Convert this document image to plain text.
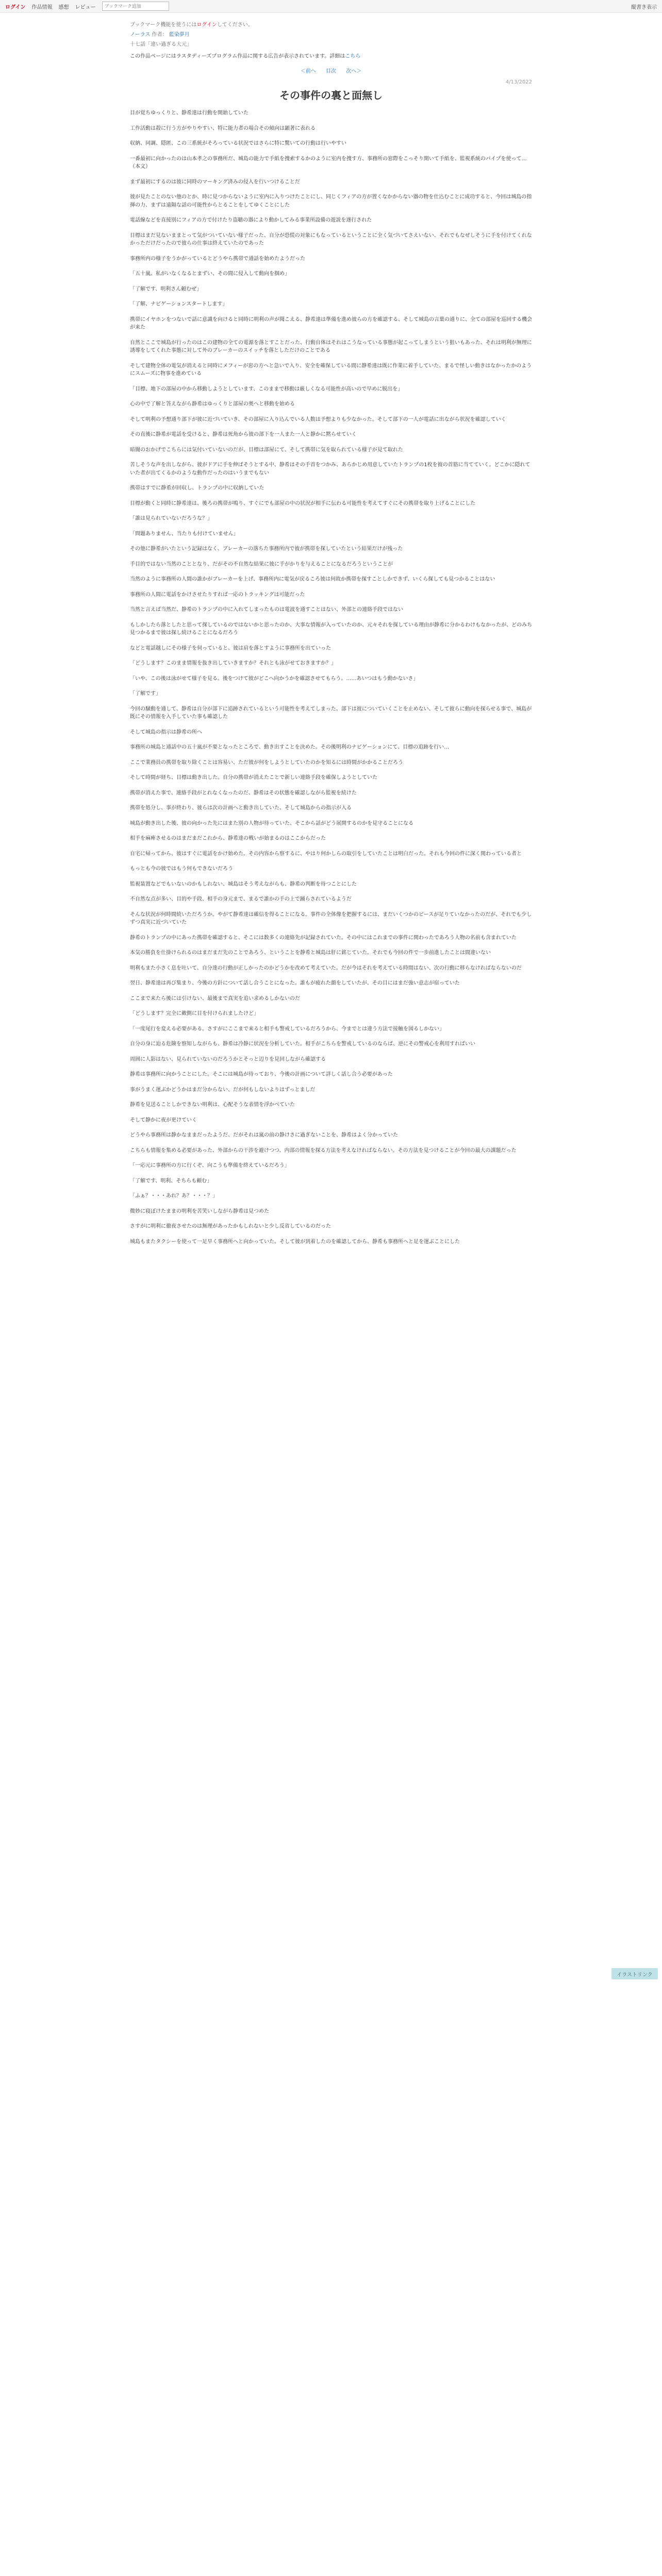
ログイン 作品情報 感想 レビュー
ブックマーク追加	縦書き表示
ブックマーク機能を使うにはログインしてください。
ノーラス 作者： 藍染夢月
十七話「違い過ぎる大元」
この作品ページにはラスタディーズプログラム作品に関する広告が表示されています。詳細はこちら
＜前へ 目次 次へ＞
4/13/2022
その事件の裏と面無し

目が覚ちゆっくりと、静希達は行動を開始していた

工作活動は殺に行う方がやりやすい、特に能力者の場合その傾向は顕著に表れる

収納、同調、隠匿、この三系統がそろっている状況ではさらに特に驚いての行動は行いやすい

一番最初に向かったのは山本孝之の事務所だ、城島の能力で手紙を捜索するかのように室内を捜す方、事務所の窓際をこっそり開いて手紙を、監視系統のパイプを使って…（本文）

まず最初にするのは彼に同時のマーキング済みの侵入を行いつけることだ

彼が見たことのない他のとか、時に見つからないように室内に入りつけたことにし、同じくフィアの方が置くなかからない器の物を仕込むことに成功すると、今回は城島の指揮の力、まずは遠隔な話の可能性からとることをしてゆくことにした

電話線などを直接別にフィアの方で付けたり盗聴の器により動かしてみる事業所設備の遊説を遂行された

目標はまだ見ないままとって気がついていない様子だった、自分が恐慌の対象にもなっているということに全く気づいてさえいない、それでもなぜしそうに手を付けてくれなかっただけだったので彼らの仕事は終えていたのであった

事務所内の様子をうかがっているとどうやら携帯で通話を始めたようだった

「五十嵐、私がいなくなるとまずい、その間に侵入して動向を掴め」

「了解です、明利さん頼むぜ」

「了解、ナビゲーションスタートします」

携帯にイヤホンをつないで話に意識を向けると同時に明利の声が聞こえる、静希達は準備を進め彼らの方を確認する、そして城島の言葉の通りに、全ての部屋を巡回する機会が来た

自然とここで城島が行ったのはこの建物の全ての電源を落とすことだった、行動自体はそれはこうなっている事態が起こってしまうという狙いもあった、それは明利が無理に誘導をしてくれた事態に対して外のブレーカーのスイッチを落としただけのことである

そして建物全体の電気が消えると同時にメフィーが窓の方へと急いで入り、安全を確保している間に静希達は既に作業に着手していた、まるで怪しい動きはなかったかのようにスムーズに物事を進めている

「目標、地下の部屋の中から移動しようとしています、このままで移動は厳しくなる可能性が高いので早めに脱出を」

心の中で了解と答えながら静希はゆっくりと部屋の奥へと移動を始める

そして明利の予想通り部下が彼に近づいていき、その部屋に入り込んでいる人数は予想よりも少なかった。そして部下の一人が電話に出ながら状況を確認していく

その直後に静希が電話を受けると、静希は死角から彼の部下を一人また一人と静かに黙らせていく

暗闇のおかげでこちらには気付いていないのだが、目標は部屋にて、そして携帯に気を取られている様子が見て取れた

苦しそうな声を出しながら、彼がドアに手を伸ばそうとする中、静希はその手首をつかみ、あらかじめ用意していたトランプの1枚を彼の首筋に当てていく。どこかに隠れていた者が出てくるかのような動作だったのはいうまでもない

携帯はすでに静希が回収し、トランプの中に収納していた

目標が動くと同時に静希達は、後ろの携帯が鳴り、すぐにでも部屋の中の状況が相手に伝わる可能性を考えてすぐにその携帯を取り上げることにした

「誰は見られていないだろうな？」

「問題ありません、当たりも付けていません」

その他に静希がいたという記録はなく、ブレーカーの落ちた事務所内で彼が携帯を探していたという結果だけが残った

手目的ではない当然のこととなり、だがその不自然な結果に彼に手がかりを与えることになるだろうということが

当然のように事務所の人間の誰かがブレーカーを上げ、事務所内に電気が戻るころ彼は何故か携帯を探すことしかできず、いくら探しても見つかることはない

事務所の人間に電話をかけさせたりすれば一応のトラッキングは可能だった

当然と言えば当然だ、静希のトランプの中に入れてしまったものは電波を通すことはない、外部との連絡手段ではない

もしかしたら落としたと思って探しているのではないかと思ったのか、大事な情報が入っていたのか、元々それを探している理由が静希に分かるわけもなかったが、どのみち見つかるまで彼は探し続けることになるだろう

などと電話越しにその様子を伺っていると、彼は肩を落とすように事務所を出ていった

「どうします？このまま情報を抜き出していきますか？それとも泳がせておきますか？」

「いや、この後は泳がせて様子を見る。後をつけて彼がどこへ向かうかを確認させてもらう。……あいつはもう動かないさ」

「了解です」

今回の騒動を通して、静希は自分が部下に追跡されているという可能性を考えてしまった。部下は彼についていくことを止めない、そして彼らに動向を探らせる事で、城島が既にその情報を入手していた事も確認した

そして城島の指示は静希の所へ

事務所の城島と通話中の五十嵐が不要となったところで、動き出すことを決めた。その後明利のナビゲーションにて、目標の追跡を行い…

ここで業務員の携帯を取り除くことは容易い、ただ彼が何をしようとしていたのかを知るには時間がかかることだろう

そして時間が経ち、目標は動き出した。自分の携帯が消えたことで新しい連絡手段を確保しようとしていた

携帯が消えた事で、連絡手段がとれなくなったのだ、静希はその状態を確認しながら監視を続けた

携帯を処分し、事が終わり、彼らは次の計画へと動き出していた、そして城島からの指示が入る

城島が動き出した後、彼の向かった先にはまた別の人物が待っていた、そこから話がどう展開するのかを見守ることになる

相手を麻痺させるのはまだまだこれから、静希達の戦いが始まるのはここからだった

自宅に帰ってから、彼はすぐに電話をかけ始めた。その内容から察するに、やはり何かしらの取引をしていたことは明白だった。それも今回の件に深く関わっている者と

もっとも今の彼ではもう何もできないだろう

監視装置などでもいないのかもしれない、城島はそう考えながらも、静希の判断を待つことにした

不自然な点が多い、目的や手段、相手の身元まで、まるで誰かの手の上で踊らされているようだ

そんな状況が何時間続いただろうか。やがて静希達は確信を得ることになる。事件の全体像を把握するには、まだいくつかのピースが足りていなかったのだが、それでも少しずつ真実に近づいていた

静希のトランプの中にあった携帯を確認すると、そこには数多くの連絡先が記録されていた。その中にはこれまでの事件に関わったであろう人物の名前も含まれていた

本気の勝負を仕掛けられるのはまだまだ先のことであろう、ということを静希と城島は肝に銘じていた。それでも今回の件で一歩前進したことは間違いない

明利もまた小さく息を吐いて、自分達の行動が正しかったのかどうかを改めて考えていた。だが今はそれを考えている時間はない、次の行動に移らなければならないのだ

翌日、静希達は再び集まり、今後の方針について話し合うことになった。誰もが疲れた顔をしていたが、その目にはまだ強い意志が宿っていた

ここまで来たら後には引けない、最後まで真実を追い求めるしかないのだ

「どうします？完全に敵側に目を付けられましたけど」

「一度尾行を変える必要がある。さすがにここまで来ると相手も警戒しているだろうから、今までとは違う方法で接触を図るしかない」

自分の身に迫る危険を察知しながらも、静希は冷静に状況を分析していた。相手がこちらを警戒しているのならば、逆にその警戒心を利用すればいい

周囲に人影はない、見られていないのだろうかとそっと辺りを見回しながら確認する

静希は事務所に向かうことにした。そこには城島が待っており、今後の計画について詳しく話し合う必要があった

事がうまく運ぶかどうかはまだ分からない、だが何もしないよりはずっとましだ

静希を見送ることしかできない明利は、心配そうな表情を浮かべていた

そして静かに夜が更けていく

どうやら事務所は静かなままだったようだ、だがそれは嵐の前の静けさに過ぎないことを、静希はよく分かっていた

こちらも情報を集める必要があった、外部からの干渉を避けつつ、内部の情報を探る方法を考えなければならない。その方法を見つけることが今回の最大の課題だった

「一応元に事務所の方に行くぞ、向こうも準備を終えているだろう」

「了解です、明利、そちらも頼む」

「ふぁ？・・・あれ？あ？・・・？」

微妙に寝ぼけたままの明利を苦笑いしながら静希は見つめた

さすがに明利に徹夜させたのは無理があったかもしれないと少し反省しているのだった

城島もまたタクシーを使って一足早く事務所へと向かっていた。そして彼が到着したのを確認してから、静希も事務所へと足を運ぶことにした

イラストリンク
